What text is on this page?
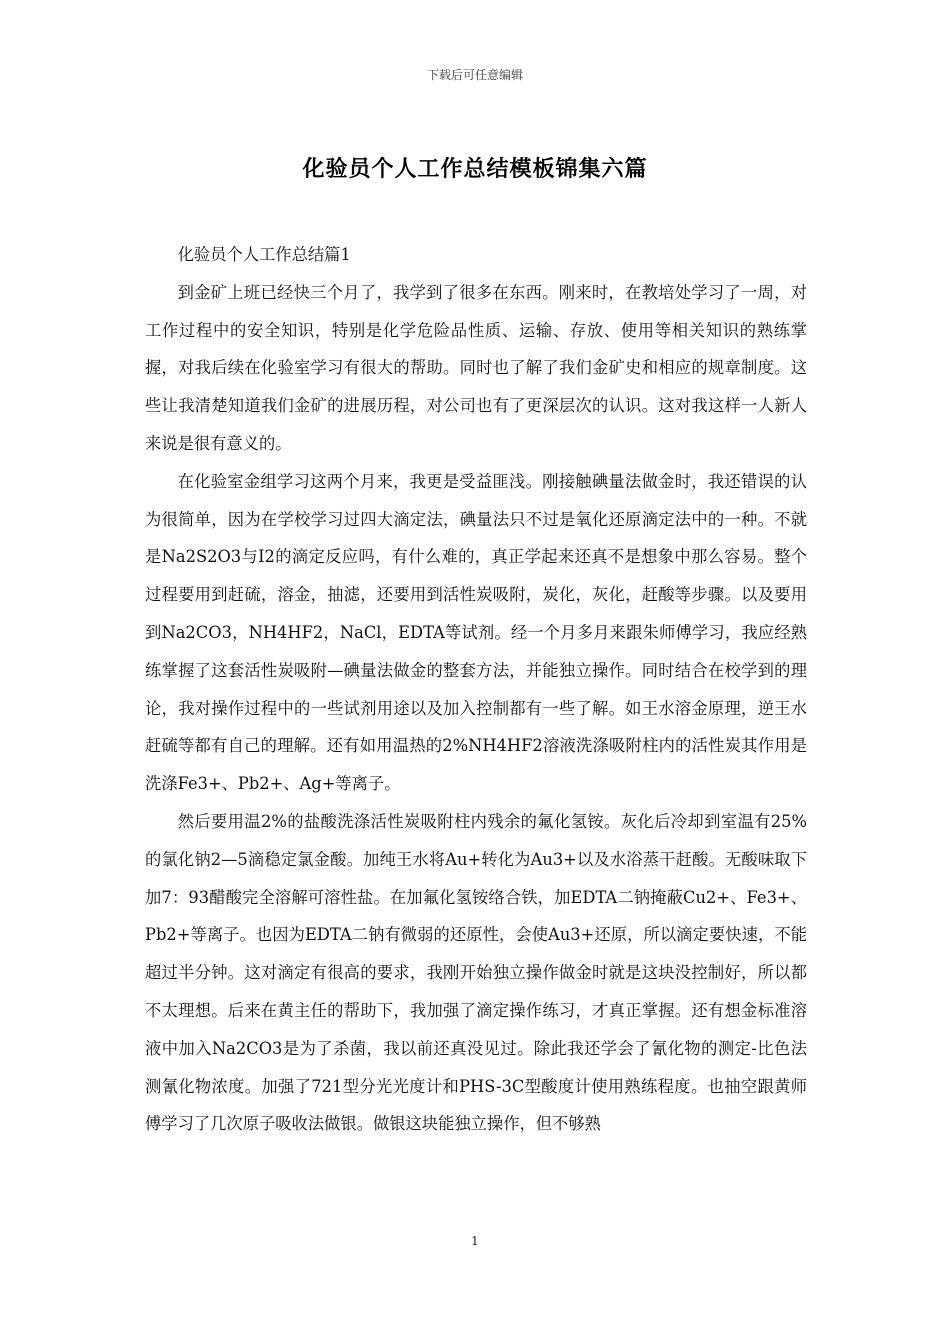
下载后可任意编辑
化验员个人工作总结模板锦集六篇

化验员个人工作总结篇1

到金矿上班已经快三个月了，我学到了很多在东西。刚来时，在教培处学习了一周，对工作过程中的安全知识，特别是化学危险品性质、运输、存放、使用等相关知识的熟练掌握，对我后续在化验室学习有很大的帮助。同时也了解了我们金矿史和相应的规章制度。这些让我清楚知道我们金矿的进展历程，对公司也有了更深层次的认识。这对我这样一人新人来说是很有意义的。

在化验室金组学习这两个月来，我更是受益匪浅。刚接触碘量法做金时，我还错误的认为很简单，因为在学校学习过四大滴定法，碘量法只不过是氧化还原滴定法中的一种。不就是Na2S2O3与I2的滴定反应吗，有什么难的，真正学起来还真不是想象中那么容易。整个过程要用到赶硫，溶金，抽滤，还要用到活性炭吸附，炭化，灰化，赶酸等步骤。以及要用到Na2CO3，NH4HF2，NaCl，EDTA等试剂。经一个月多月来跟朱师傅学习，我应经熟练掌握了这套活性炭吸附—碘量法做金的整套方法，并能独立操作。同时结合在校学到的理论，我对操作过程中的一些试剂用途以及加入控制都有一些了解。如王水溶金原理，逆王水赶硫等都有自己的理解。还有如用温热的2%NH4HF2溶液洗涤吸附柱内的活性炭其作用是洗涤Fe3+、Pb2+、Ag+等离子。

然后要用温2%的盐酸洗涤活性炭吸附柱内残余的氟化氢铵。灰化后冷却到室温有25%的氯化钠2—5滴稳定氯金酸。加纯王水将Au+转化为Au3+以及水浴蒸干赶酸。无酸味取下加7：93醋酸完全溶解可溶性盐。在加氟化氢铵络合铁，加EDTA二钠掩蔽Cu2+、Fe3+、Pb2+等离子。也因为EDTA二钠有微弱的还原性，会使Au3+还原，所以滴定要快速，不能超过半分钟。这对滴定有很高的要求，我刚开始独立操作做金时就是这块没控制好，所以都不太理想。后来在黄主任的帮助下，我加强了滴定操作练习，才真正掌握。还有想金标准溶液中加入Na2CO3是为了杀菌，我以前还真没见过。除此我还学会了氰化物的测定-比色法测氰化物浓度。加强了721型分光光度计和PHS-3C型酸度计使用熟练程度。也抽空跟黄师傅学习了几次原子吸收法做银。做银这块能独立操作，但不够熟

1
